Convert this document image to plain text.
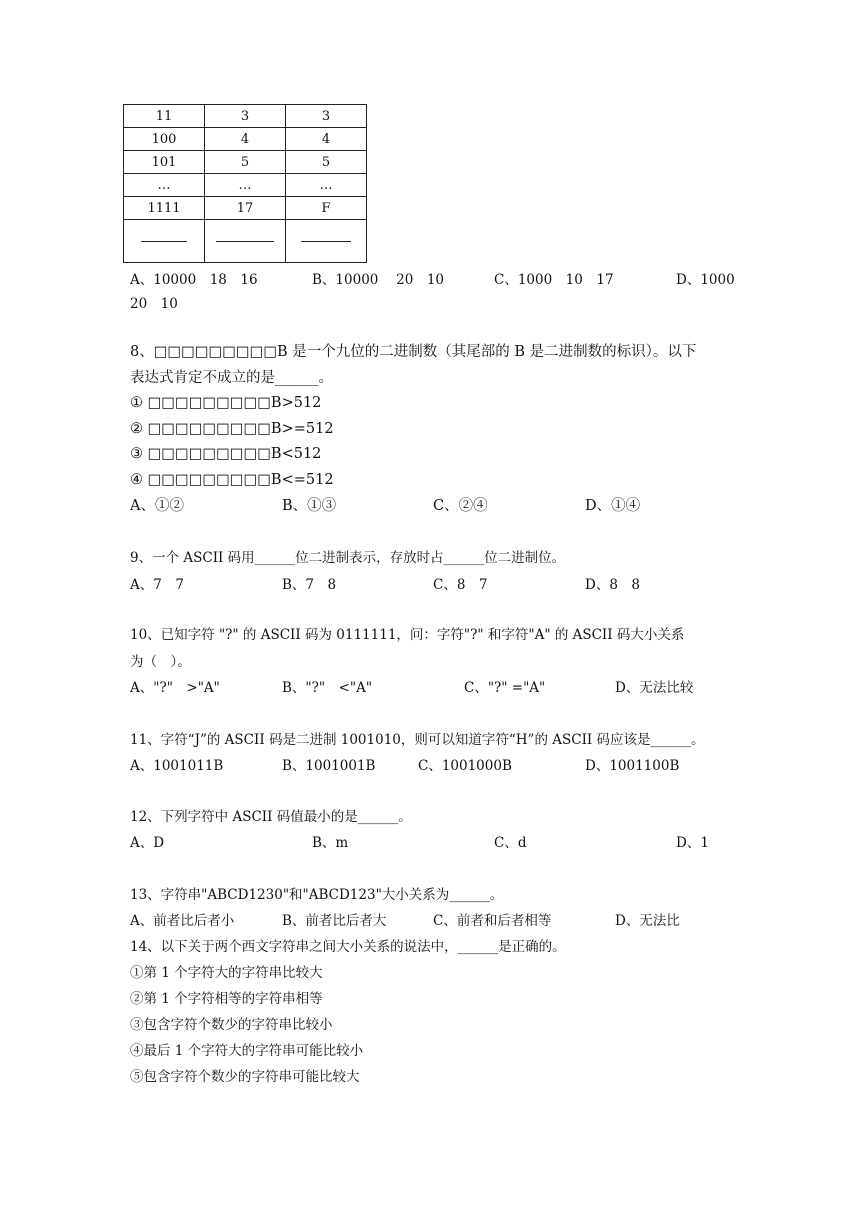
11	3	3
100	4	4
101	5	5
…	…	…
1111	17	F

A、10000　18　16	B、10000　 20　10	C、1000　10　17	D、1000
20　10
8、□□□□□□□□□B 是一个九位的二进制数（其尾部的 B 是二进制数的标识）。以下
表达式肯定不成立的是______。
① □□□□□□□□□B>512
② □□□□□□□□□B>=512
③ □□□□□□□□□B<512
④ □□□□□□□□□B<=512
A、①②	B、①③	C、②④	D、①④
9、一个 ASCII 码用______位二进制表示，存放时占______位二进制位。
A、7　7	B、7　8	C、8　7	D、8　8
10、已知字符 "?" 的 ASCII 码为 0111111，问：字符"?" 和字符"A" 的 ASCII 码大小关系
为（　）。
A、"?"　>"A"	B、"?"　<"A"	C、"?" ="A"	D、无法比较
11、字符“J”的 ASCII 码是二进制 1001010，则可以知道字符“H”的 ASCII 码应该是______。
A、1001011B	B、1001001B	C、1001000B	D、1001100B
12、下列字符中 ASCII 码值最小的是______。
A、D	B、m	C、d	D、1
13、字符串"ABCD1230"和"ABCD123"大小关系为______。
A、前者比后者小	B、前者比后者大	C、前者和后者相等	D、无法比
14、以下关于两个西文字符串之间大小关系的说法中，______是正确的。
①第 1 个字符大的字符串比较大
②第 1 个字符相等的字符串相等
③包含字符个数少的字符串比较小
④最后 1 个字符大的字符串可能比较小
⑤包含字符个数少的字符串可能比较大
